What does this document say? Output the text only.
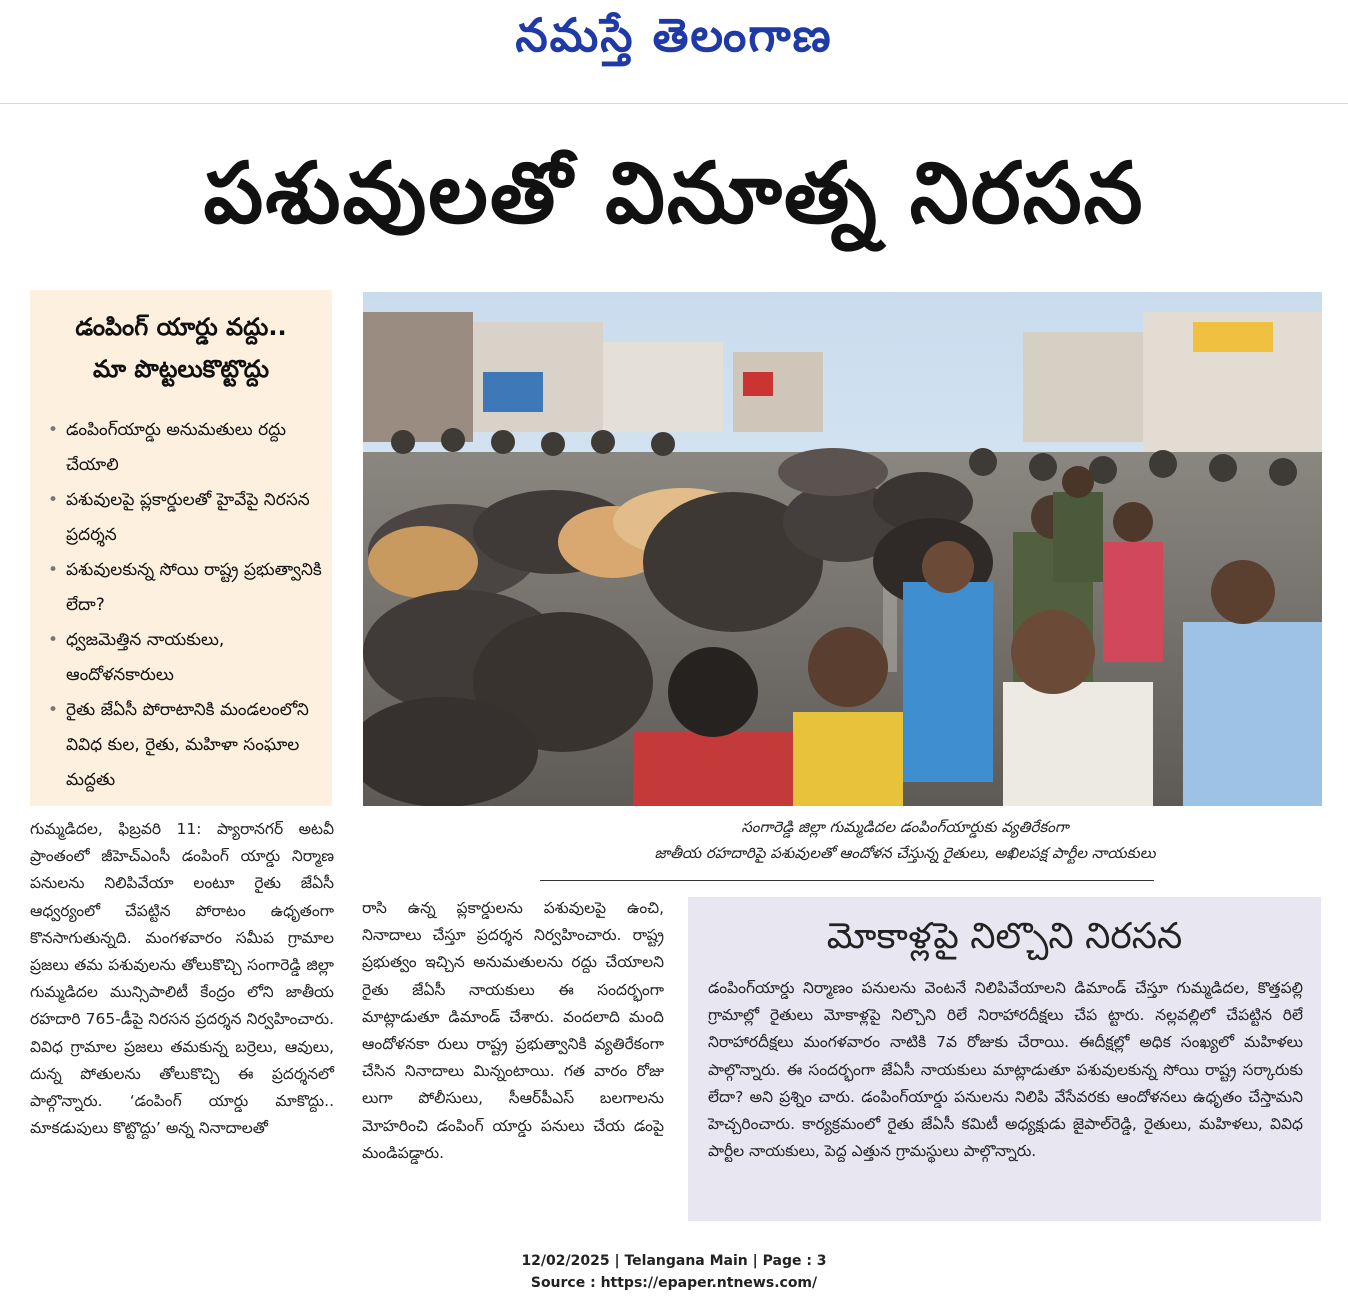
నమస్తే తెలంగాణ
పశువులతో వినూత్న నిరసన
డంపింగ్ యార్డు వద్దు..
మా పొట్టలుకొట్టొద్దు
• డంపింగ్‌యార్డు అనుమతులు రద్దు చేయాలి
• పశువులపై ప్లకార్డులతో హైవేపై నిరసన ప్రదర్శన
• పశువులకున్న సోయి రాష్ట్ర ప్రభుత్వానికి లేదా?
• ధ్వజమెత్తిన నాయకులు, ఆందోళనకారులు
• రైతు జేఏసీ పోరాటానికి మండలంలోని వివిధ కుల, రైతు, మహిళా సంఘాల మద్దతు
సంగారెడ్డి జిల్లా గుమ్మడిదల డంపింగ్‌యార్డుకు వ్యతిరేకంగా
జాతీయ రహదారిపై పశువులతో ఆందోళన చేస్తున్న రైతులు, అఖిలపక్ష పార్టీల నాయకులు

గుమ్మడిదల, ఫిబ్రవరి 11: ప్యారానగర్ అటవీ ప్రాంతంలో జీహెచ్‌ఎంసీ డంపింగ్ యార్డు నిర్మాణ పనులను నిలిపివేయా లంటూ రైతు జేఏసీ ఆధ్వర్యంలో చేపట్టిన పోరాటం ఉధృతంగా కొనసాగుతున్నది. మంగళవారం సమీప గ్రామాల ప్రజలు తమ పశువులను తోలుకొచ్చి సంగారెడ్డి జిల్లా గుమ్మడిదల మున్సిపాలిటీ కేంద్రం లోని జాతీయ రహదారి 765-డీపై నిరసన ప్రదర్శన నిర్వహించారు. వివిధ గ్రామాల ప్రజలు తమకున్న బర్రెలు, ఆవులు, దున్న పోతులను తోలుకొచ్చి ఈ ప్రదర్శనలో పాల్గొన్నారు. ‘డంపింగ్ యార్డు మాకొద్దు.. మాకడుపులు కొట్టొద్దు’ అన్న నినాదాలతో

రాసి ఉన్న ప్లకార్డులను పశువులపై ఉంచి, నినాదాలు చేస్తూ ప్రదర్శన నిర్వహించారు. రాష్ట్ర ప్రభుత్వం ఇచ్చిన అనుమతులను రద్దు చేయాలని రైతు జేఏసీ నాయకులు ఈ సందర్భంగా మాట్లాడుతూ డిమాండ్ చేశారు. వందలాది మంది ఆందోళనకా రులు రాష్ట్ర ప్రభుత్వానికి వ్యతిరేకంగా చేసిన నినాదాలు మిన్నంటాయి. గత వారం రోజు లుగా పోలీసులు, సీఆర్‌పీఎస్ బలగాలను మోహరించి డంపింగ్ యార్డు పనులు చేయ డంపై మండిపడ్డారు.

మోకాళ్లపై నిల్చొని నిరసన

డంపింగ్‌యార్డు నిర్మాణం పనులను వెంటనే నిలిపివేయాలని డిమాండ్ చేస్తూ గుమ్మడిదల, కొత్తపల్లి గ్రామాల్లో రైతులు మోకాళ్లపై నిల్చొని రిలే నిరాహారదీక్షలు చేప ట్టారు. నల్లవల్లిలో చేపట్టిన రిలే నిరాహారదీక్షలు మంగళవారం నాటికి 7వ రోజుకు చేరాయి. ఈదీక్షల్లో అధిక సంఖ్యలో మహిళలు పాల్గొన్నారు. ఈ సందర్భంగా జేఏసీ నాయకులు మాట్లాడుతూ పశువులకున్న సోయి రాష్ట్ర సర్కారుకు లేదా? అని ప్రశ్నిం చారు. డంపింగ్‌యార్డు పనులను నిలిపి వేసేవరకు ఆందోళనలు ఉధృతం చేస్తామని హెచ్చరించారు. కార్యక్రమంలో రైతు జేఏసీ కమిటీ అధ్యక్షుడు జైపాల్‌రెడ్డి, రైతులు, మహిళలు, వివిధ పార్టీల నాయకులు, పెద్ద ఎత్తున గ్రామస్థులు పాల్గొన్నారు.

12/02/2025 | Telangana Main | Page : 3
Source : https://epaper.ntnews.com/
